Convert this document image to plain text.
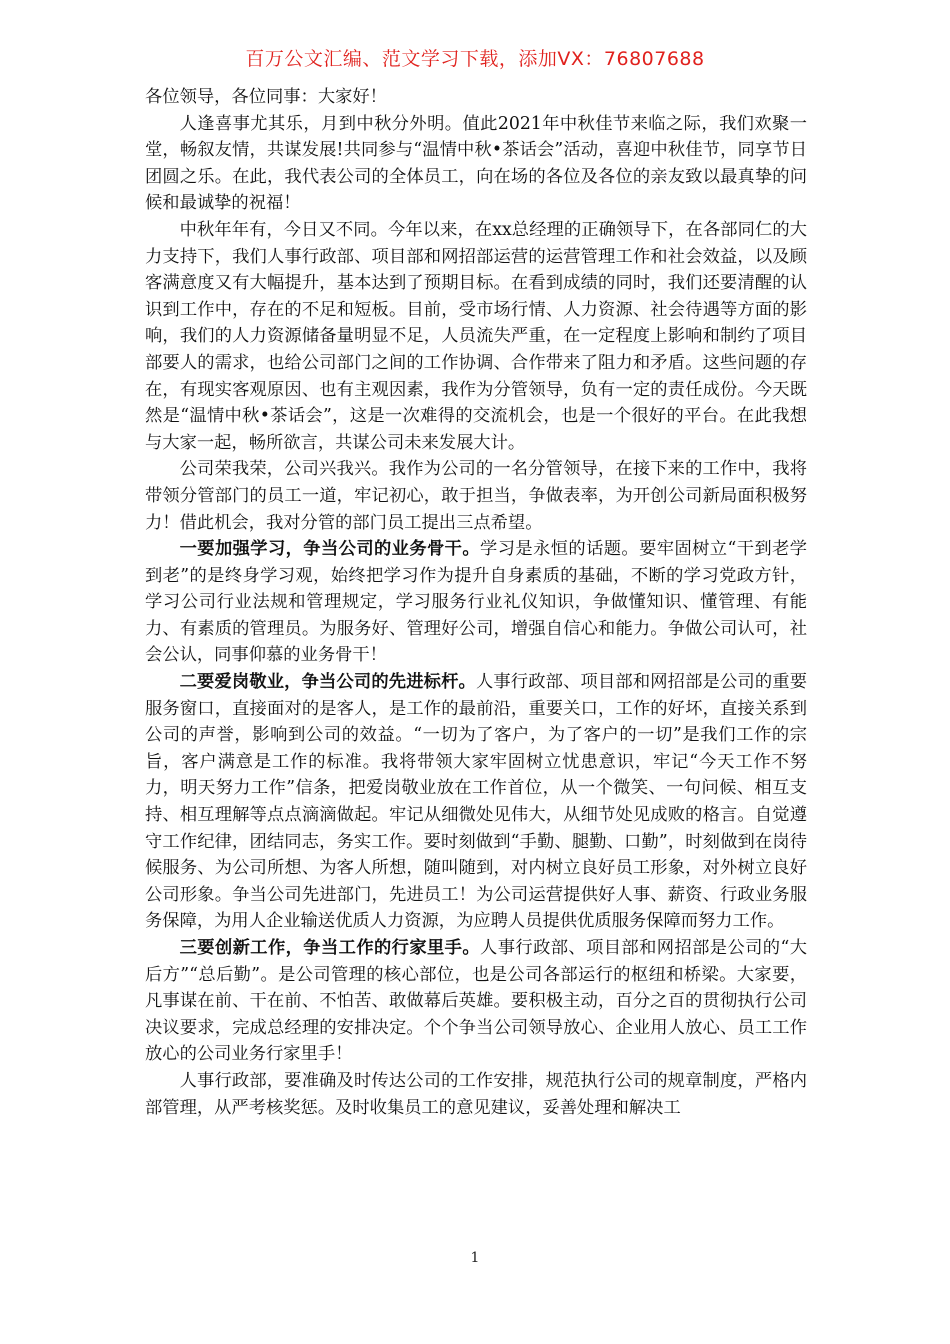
百万公文汇编、范文学习下载，添加VX：76807688

各位领导，各位同事：大家好！

人逢喜事尤其乐，月到中秋分外明。值此2021年中秋佳节来临之际，我们欢聚一堂，畅叙友情，共谋发展!共同参与“温情中秋•茶话会”活动，喜迎中秋佳节，同享节日团圆之乐。在此，我代表公司的全体员工，向在场的各位及各位的亲友致以最真挚的问候和最诚挚的祝福！

中秋年年有，今日又不同。今年以来，在xx总经理的正确领导下，在各部同仁的大力支持下，我们人事行政部、项目部和网招部运营的运营管理工作和社会效益，以及顾客满意度又有大幅提升，基本达到了预期目标。在看到成绩的同时，我们还要清醒的认识到工作中，存在的不足和短板。目前，受市场行情、人力资源、社会待遇等方面的影响，我们的人力资源储备量明显不足，人员流失严重，在一定程度上影响和制约了项目部要人的需求，也给公司部门之间的工作协调、合作带来了阻力和矛盾。这些问题的存在，有现实客观原因、也有主观因素，我作为分管领导，负有一定的责任成份。今天既然是“温情中秋•茶话会”，这是一次难得的交流机会，也是一个很好的平台。在此我想与大家一起，畅所欲言，共谋公司未来发展大计。

公司荣我荣，公司兴我兴。我作为公司的一名分管领导，在接下来的工作中，我将带领分管部门的员工一道，牢记初心，敢于担当，争做表率，为开创公司新局面积极努力！借此机会，我对分管的部门员工提出三点希望。

一要加强学习，争当公司的业务骨干。学习是永恒的话题。要牢固树立“干到老学到老”的是终身学习观，始终把学习作为提升自身素质的基础，不断的学习党政方针，学习公司行业法规和管理规定，学习服务行业礼仪知识，争做懂知识、懂管理、有能力、有素质的管理员。为服务好、管理好公司，增强自信心和能力。争做公司认可，社会公认，同事仰慕的业务骨干！

二要爱岗敬业，争当公司的先进标杆。人事行政部、项目部和网招部是公司的重要服务窗口，直接面对的是客人，是工作的最前沿，重要关口，工作的好坏，直接关系到公司的声誉，影响到公司的效益。“一切为了客户，为了客户的一切”是我们工作的宗旨，客户满意是工作的标准。我将带领大家牢固树立忧患意识，牢记“今天工作不努力，明天努力工作”信条，把爱岗敬业放在工作首位，从一个微笑、一句问候、相互支持、相互理解等点点滴滴做起。牢记从细微处见伟大，从细节处见成败的格言。自觉遵守工作纪律，团结同志，务实工作。要时刻做到“手勤、腿勤、口勤”，时刻做到在岗待候服务、为公司所想、为客人所想，随叫随到，对内树立良好员工形象，对外树立良好公司形象。争当公司先进部门，先进员工！为公司运营提供好人事、薪资、行政业务服务保障，为用人企业输送优质人力资源，为应聘人员提供优质服务保障而努力工作。

三要创新工作，争当工作的行家里手。人事行政部、项目部和网招部是公司的“大后方”“总后勤”。是公司管理的核心部位，也是公司各部运行的枢纽和桥梁。大家要，凡事谋在前、干在前、不怕苦、敢做幕后英雄。要积极主动，百分之百的贯彻执行公司决议要求，完成总经理的安排决定。个个争当公司领导放心、企业用人放心、员工工作放心的公司业务行家里手！

人事行政部，要准确及时传达公司的工作安排，规范执行公司的规章制度，严格内部管理，从严考核奖惩。及时收集员工的意见建议，妥善处理和解决工

1
